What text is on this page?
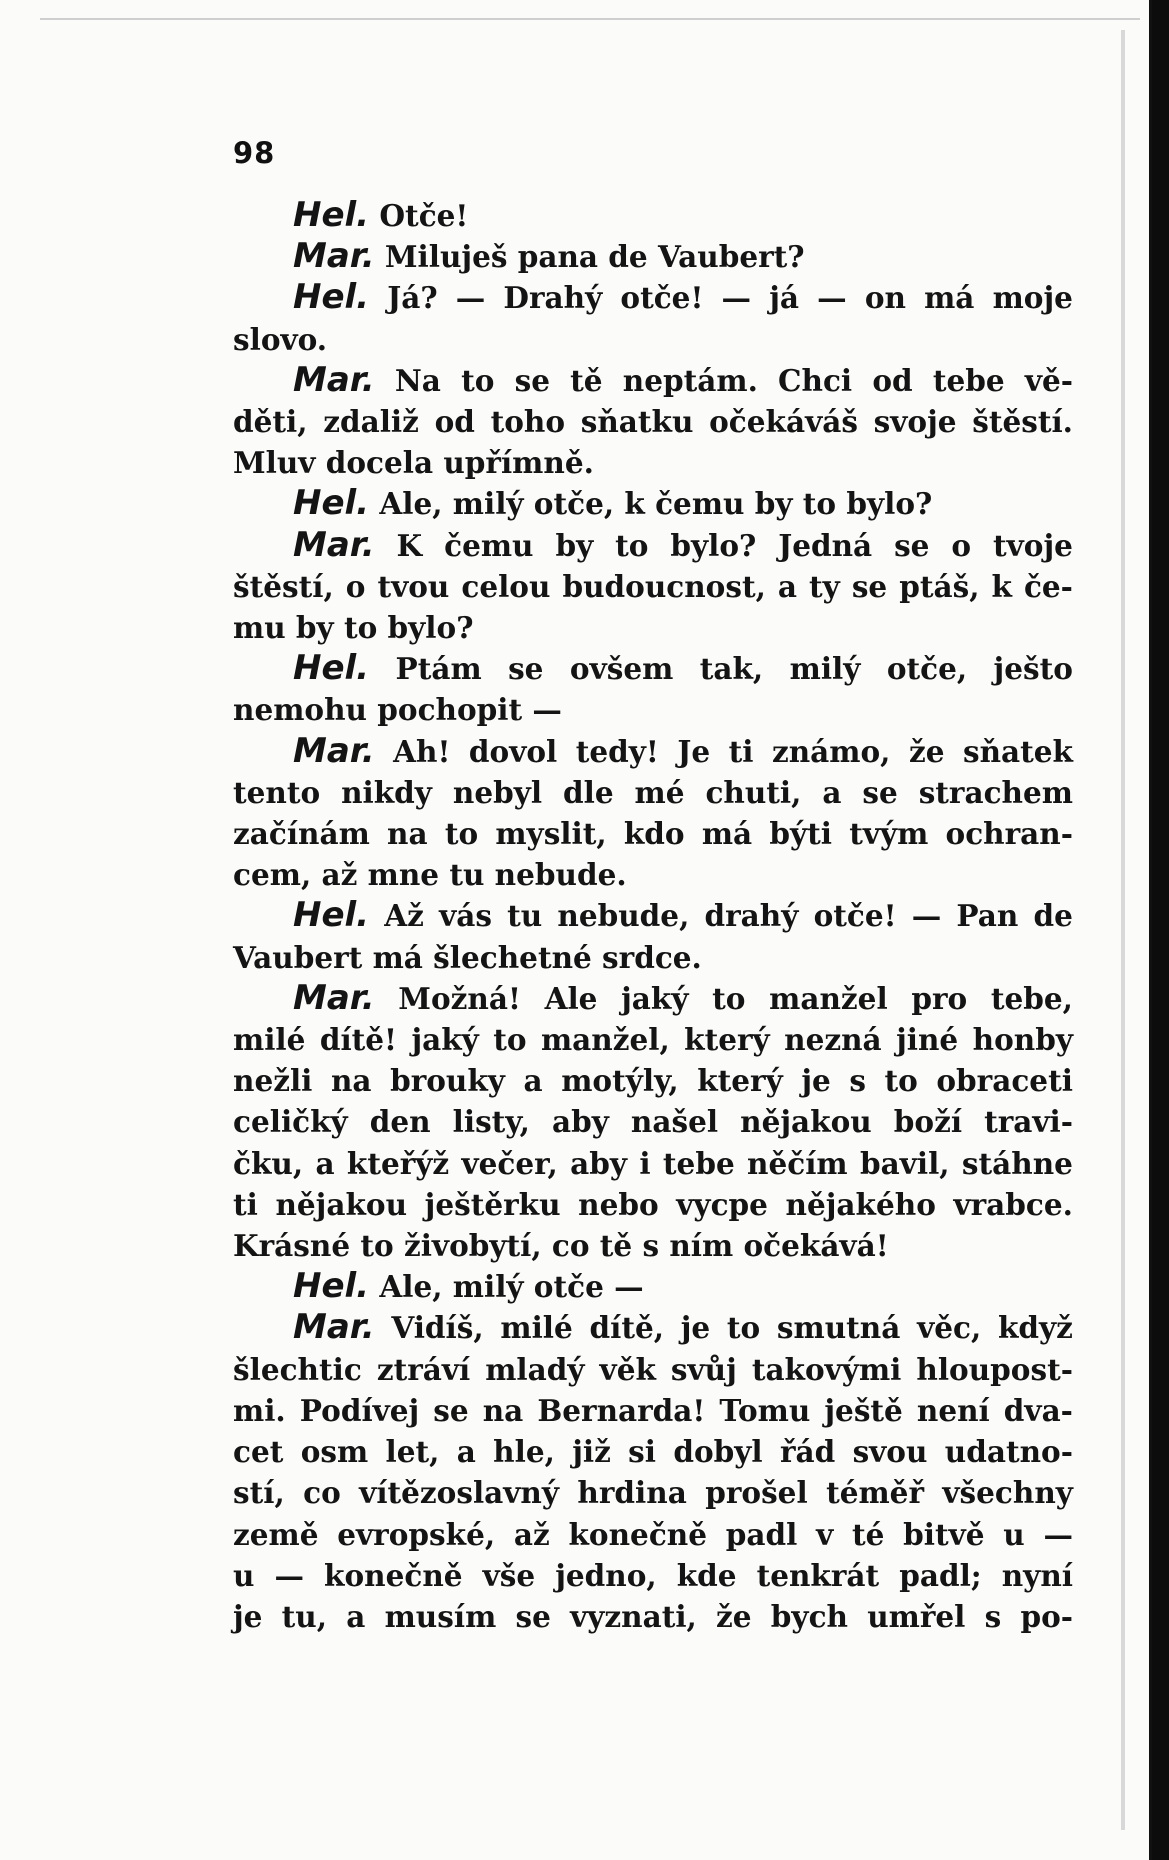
98
Hel. Otče!
Mar. Miluješ pana de Vaubert?
Hel. Já? — Drahý otče! — já — on má moje
slovo.
Mar. Na to se tě neptám. Chci od tebe vě-
děti, zdaliž od toho sňatku očekáváš svoje štěstí.
Mluv docela upřímně.
Hel. Ale, milý otče, k čemu by to bylo?
Mar. K čemu by to bylo? Jedná se o tvoje
štěstí, o tvou celou budoucnost, a ty se ptáš, k če-
mu by to bylo?
Hel. Ptám se ovšem tak, milý otče, ješto
nemohu pochopit —
Mar. Ah! dovol tedy! Je ti známo, že sňatek
tento nikdy nebyl dle mé chuti, a se strachem
začínám na to myslit, kdo má býti tvým ochran-
cem, až mne tu nebude.
Hel. Až vás tu nebude, drahý otče! — Pan de
Vaubert má šlechetné srdce.
Mar. Možná! Ale jaký to manžel pro tebe,
milé dítě! jaký to manžel, který nezná jiné honby
nežli na brouky a motýly, který je s to obraceti
celičký den listy, aby našel nějakou boží travi-
čku, a kteřýž večer, aby i tebe něčím bavil, stáhne
ti nějakou ještěrku nebo vycpe nějakého vrabce.
Krásné to živobytí, co tě s ním očekává!
Hel. Ale, milý otče —
Mar. Vidíš, milé dítě, je to smutná věc, když
šlechtic ztráví mladý věk svůj takovými hloupost-
mi. Podívej se na Bernarda! Tomu ještě není dva-
cet osm let, a hle, již si dobyl řád svou udatno-
stí, co vítězoslavný hrdina prošel téměř všechny
země evropské, až konečně padl v té bitvě u —
u — konečně vše jedno, kde tenkrát padl; nyní
je tu, a musím se vyznati, že bych umřel s po-
